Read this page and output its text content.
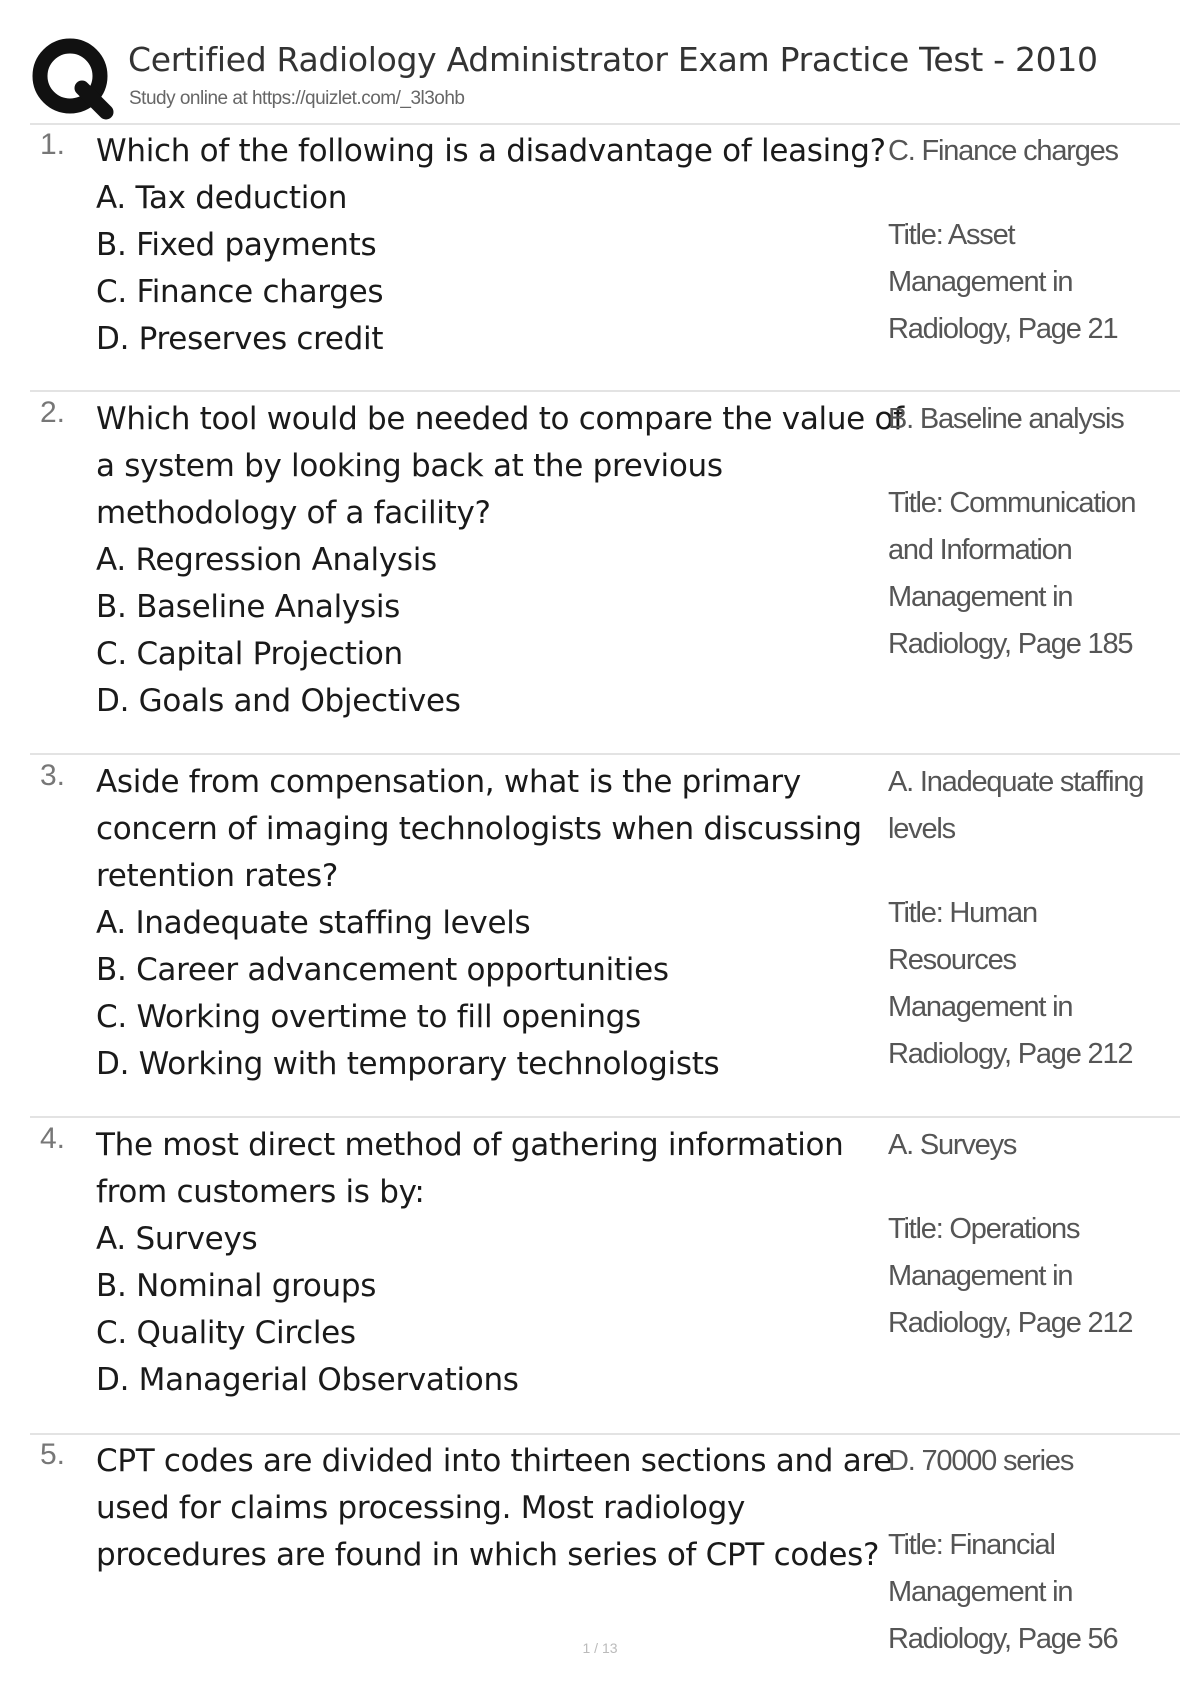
Certified Radiology Administrator Exam Practice Test - 2010
Study online at https://quizlet.com/_3l3ohb
1. Which of the following is a disadvantage of leasing?

A. Tax deduction

B. Fixed payments

C. Finance charges

D. Preserves credit

C. Finance charges
Title: Asset Management in Radiology, Page 21
2. Which tool would be needed to compare the value of a system by looking back at the previous methodology of a facility?

A. Regression Analysis

B. Baseline Analysis

C. Capital Projection

D. Goals and Objectives

B. Baseline analysis
Title: Communication and Information Management in Radiology, Page 185
3. Aside from compensation, what is the primary concern of imaging technologists when discussing retention rates?

A. Inadequate staffing levels

B. Career advancement opportunities

C. Working overtime to fill openings

D. Working with temporary technologists

A. Inadequate staffing levels
Title: Human Resources Management in Radiology, Page 212
4. The most direct method of gathering information from customers is by:

A. Surveys

B. Nominal groups

C. Quality Circles

D. Managerial Observations

A. Surveys
Title: Operations Management in Radiology, Page 212
5. CPT codes are divided into thirteen sections and are used for claims processing. Most radiology procedures are found in which series of CPT codes?

D. 70000 series
Title: Financial Management in Radiology, Page 56
1 / 13
